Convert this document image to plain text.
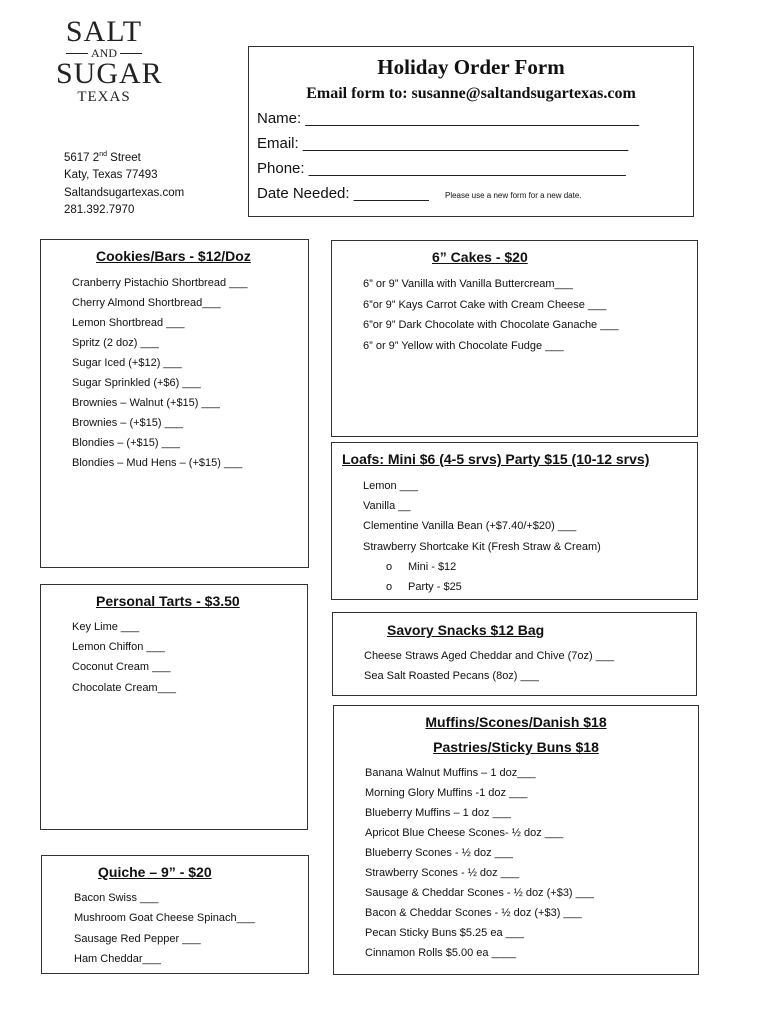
SALT
AND
SUGAR
TEXAS
5617 2nd Street
Katy, Texas 77493
Saltandsugartexas.com
281.392.7970
Holiday Order Form
Email form to: susanne@saltandsugartexas.com
Name: ________________________________________
Email: _______________________________________
Phone: ______________________________________
Date Needed: _________ Please use a new form for a new date.
Cookies/Bars - $12/Doz
Cranberry Pistachio Shortbread ___
Cherry Almond Shortbread___
Lemon Shortbread ___
Spritz (2 doz) ___
Sugar Iced (+$12) ___
Sugar Sprinkled (+$6) ___
Brownies – Walnut (+$15) ___
Brownies – (+$15) ___
Blondies – (+$15) ___
Blondies – Mud Hens – (+$15) ___
6” Cakes - $20
6” or 9” Vanilla with Vanilla Buttercream___
6”or 9” Kays Carrot Cake with Cream Cheese ___
6”or 9” Dark Chocolate with Chocolate Ganache ___
6” or 9” Yellow with Chocolate Fudge ___
Loafs: Mini $6 (4-5 srvs) Party $15 (10-12 srvs)
Lemon ___
Vanilla __
Clementine Vanilla Bean (+$7.40/+$20) ___
Strawberry Shortcake Kit (Fresh Straw & Cream)
o Mini - $12
o Party - $25
Personal Tarts - $3.50
Key Lime ___
Lemon Chiffon ___
Coconut Cream ___
Chocolate Cream___
Savory Snacks $12 Bag
Cheese Straws Aged Cheddar and Chive (7oz) ___
Sea Salt Roasted Pecans (8oz) ___
Muffins/Scones/Danish $18
Pastries/Sticky Buns $18
Banana Walnut Muffins – 1 doz___
Morning Glory Muffins -1 doz ___
Blueberry Muffins – 1 doz ___
Apricot Blue Cheese Scones- ½ doz ___
Blueberry Scones - ½ doz ___
Strawberry Scones - ½ doz ___
Sausage & Cheddar Scones - ½ doz (+$3) ___
Bacon & Cheddar Scones - ½ doz (+$3) ___
Pecan Sticky Buns $5.25 ea ___
Cinnamon Rolls $5.00 ea ____
Quiche – 9” - $20
Bacon Swiss ___
Mushroom Goat Cheese Spinach___
Sausage Red Pepper ___
Ham Cheddar___
